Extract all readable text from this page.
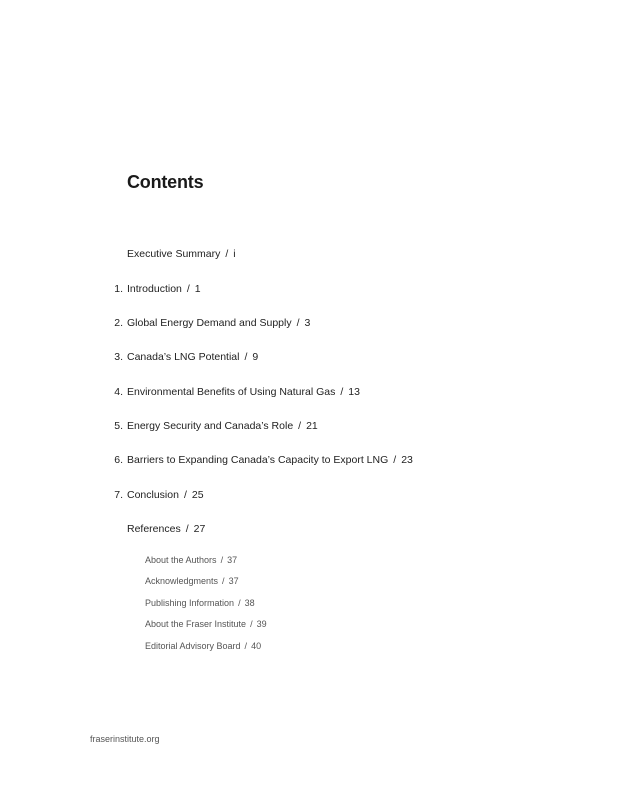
Contents
Executive Summary / i
1. Introduction / 1
2. Global Energy Demand and Supply / 3
3. Canada’s LNG Potential / 9
4. Environmental Benefits of Using Natural Gas / 13
5. Energy Security and Canada’s Role / 21
6. Barriers to Expanding Canada’s Capacity to Export LNG / 23
7. Conclusion / 25
References / 27
About the Authors / 37
Acknowledgments / 37
Publishing Information / 38
About the Fraser Institute / 39
Editorial Advisory Board / 40
fraserinstitute.org
